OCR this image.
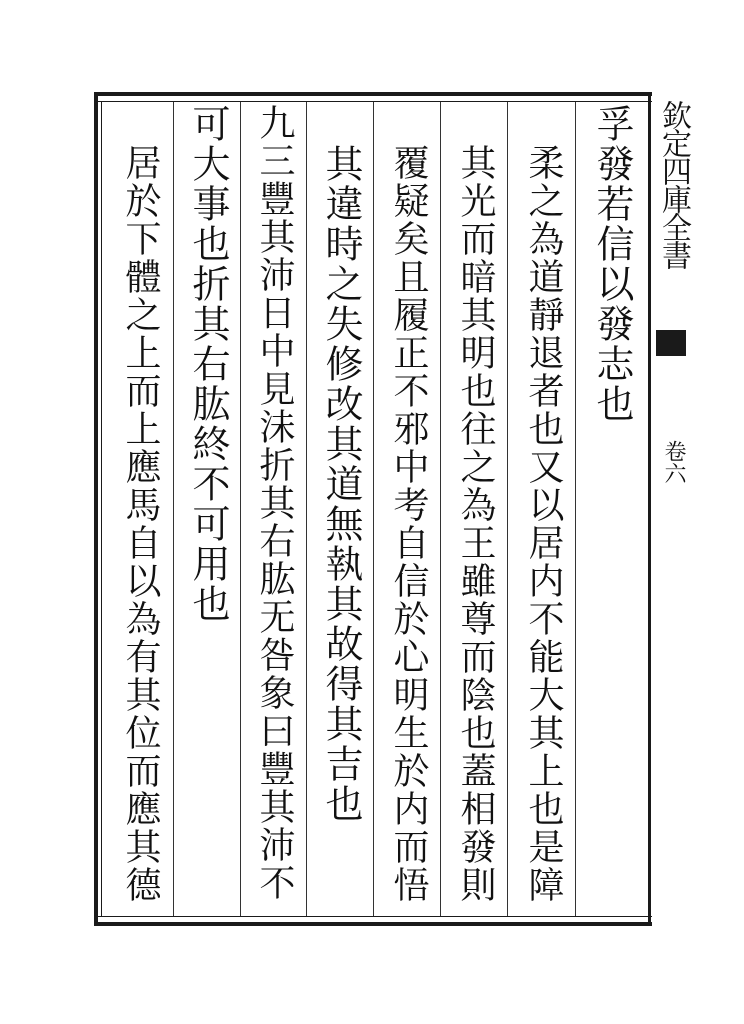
欽定四庫全書
卷六
孚發若信以發志也
柔之為道靜退者也又以居内不能大其上也是障
其光而暗其明也往之為王雖尊而陰也蓋相發則
覆疑矣且履正不邪中考自信於心明生於内而悟
其違時之失修改其道無執其故得其吉也
九三豐其沛日中見沬折其右肱无咎象曰豐其沛不
可大事也折其右肱終不可用也
居於下體之上而上應馬自以為有其位而應其德
